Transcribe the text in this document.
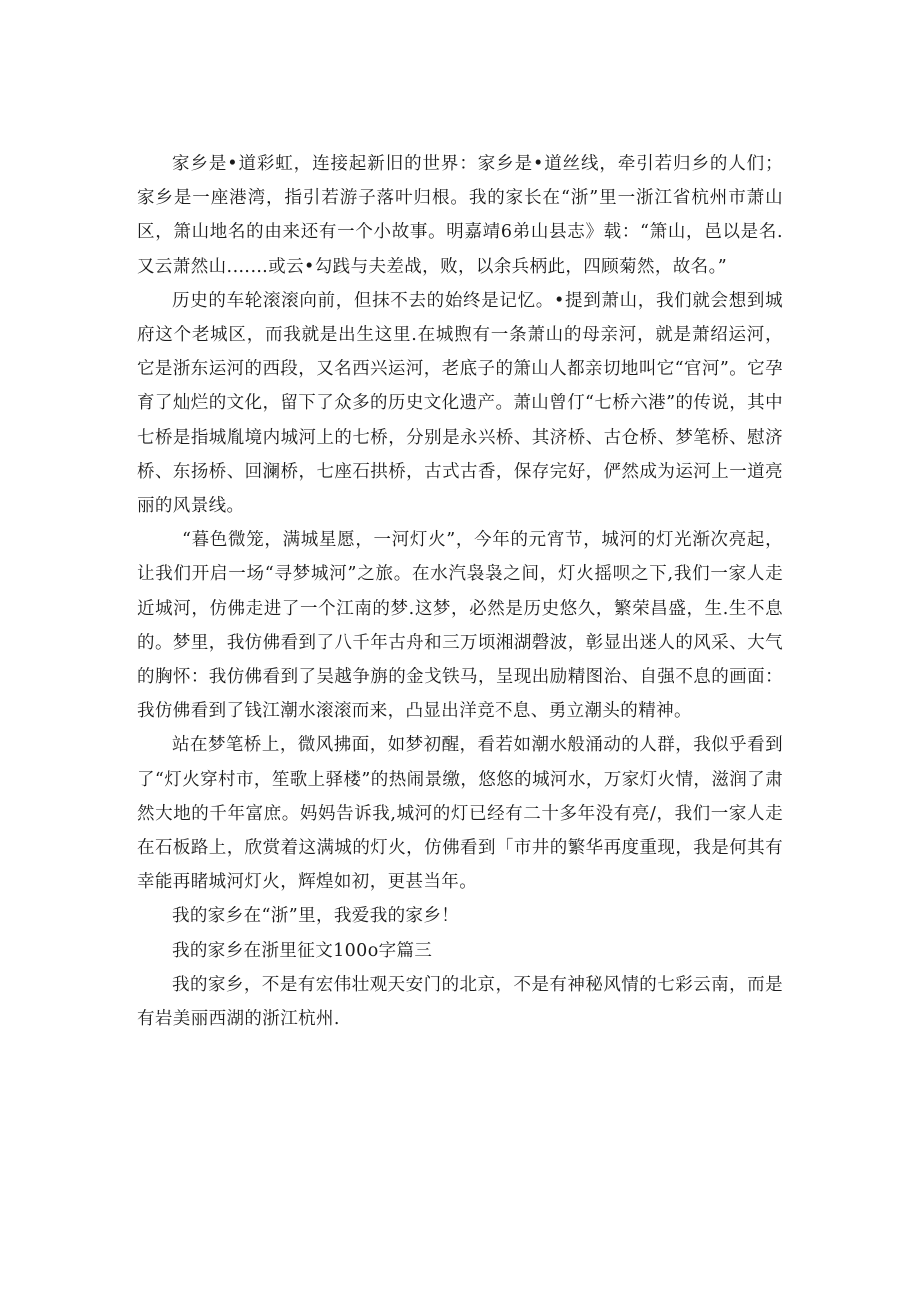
家乡是•道彩虹，连接起新旧的世界：家乡是•道丝线，牵引若归乡的人们；家乡是一座港湾，指引若游子落叶归根。我的家长在“浙”里一浙江省杭州市萧山区，箫山地名的由来还有一个小故事。明嘉靖6弟山县志》载：“箫山，邑以是名.又云萧然山.……或云•勾践与夫差战，败，以余兵柄此，四顾菊然，故名。”

历史的车轮滚滚向前，但抹不去的始终是记忆。•提到萧山，我们就会想到城府这个老城区，而我就是出生这里.在城煦有一条萧山的母亲河，就是萧绍运河，它是浙东运河的西段，又名西兴运河，老底子的箫山人都亲切地叫它“官河”。它孕育了灿烂的文化，留下了众多的历史文化遗产。萧山曾仃“七桥六港”的传说，其中七桥是指城胤境内城河上的七桥，分别是永兴桥、其济桥、古仓桥、梦笔桥、慰济桥、东扬桥、回澜桥，七座石拱桥，古式古香，保存完好，俨然成为运河上一道亮丽的风景线。

“暮色微笼，满城星愿，一河灯火”，今年的元宵节，城河的灯光渐次亮起，让我们开启一场“寻梦城河”之旅。在水汽袅袅之间，灯火摇呗之下,我们一家人走近城河，仿佛走进了一个江南的梦.这梦，必然是历史悠久，繁荣昌盛，生.生不息的。梦里，我仿佛看到了八千年古舟和三万顷湘湖磬波，彰显出迷人的风采、大气的胸怀：我仿佛看到了吴越争旃的金戈铁马，呈现出励精图治、自强不息的画面：我仿佛看到了钱江潮水滚滚而来，凸显出洋竞不息、勇立潮头的精神。

站在梦笔桥上，微风拂面，如梦初醒，看若如潮水般涌动的人群，我似乎看到了“灯火穿村市，笙歌上驿楼”的热闹景缴，悠悠的城河水，万家灯火情，滋润了肃然大地的千年富庶。妈妈告诉我,城河的灯已经有二十多年没有亮/，我们一家人走在石板路上，欣赏着这满城的灯火，仿佛看到「市井的繁华再度重现，我是何其有幸能再睹城河灯火，辉煌如初，更甚当年。

我的家乡在“浙”里，我爱我的家乡！

我的家乡在浙里征文100o字篇三

我的家乡，不是有宏伟壮观天安门的北京，不是有神秘风情的七彩云南，而是有岩美丽西湖的浙江杭州.
